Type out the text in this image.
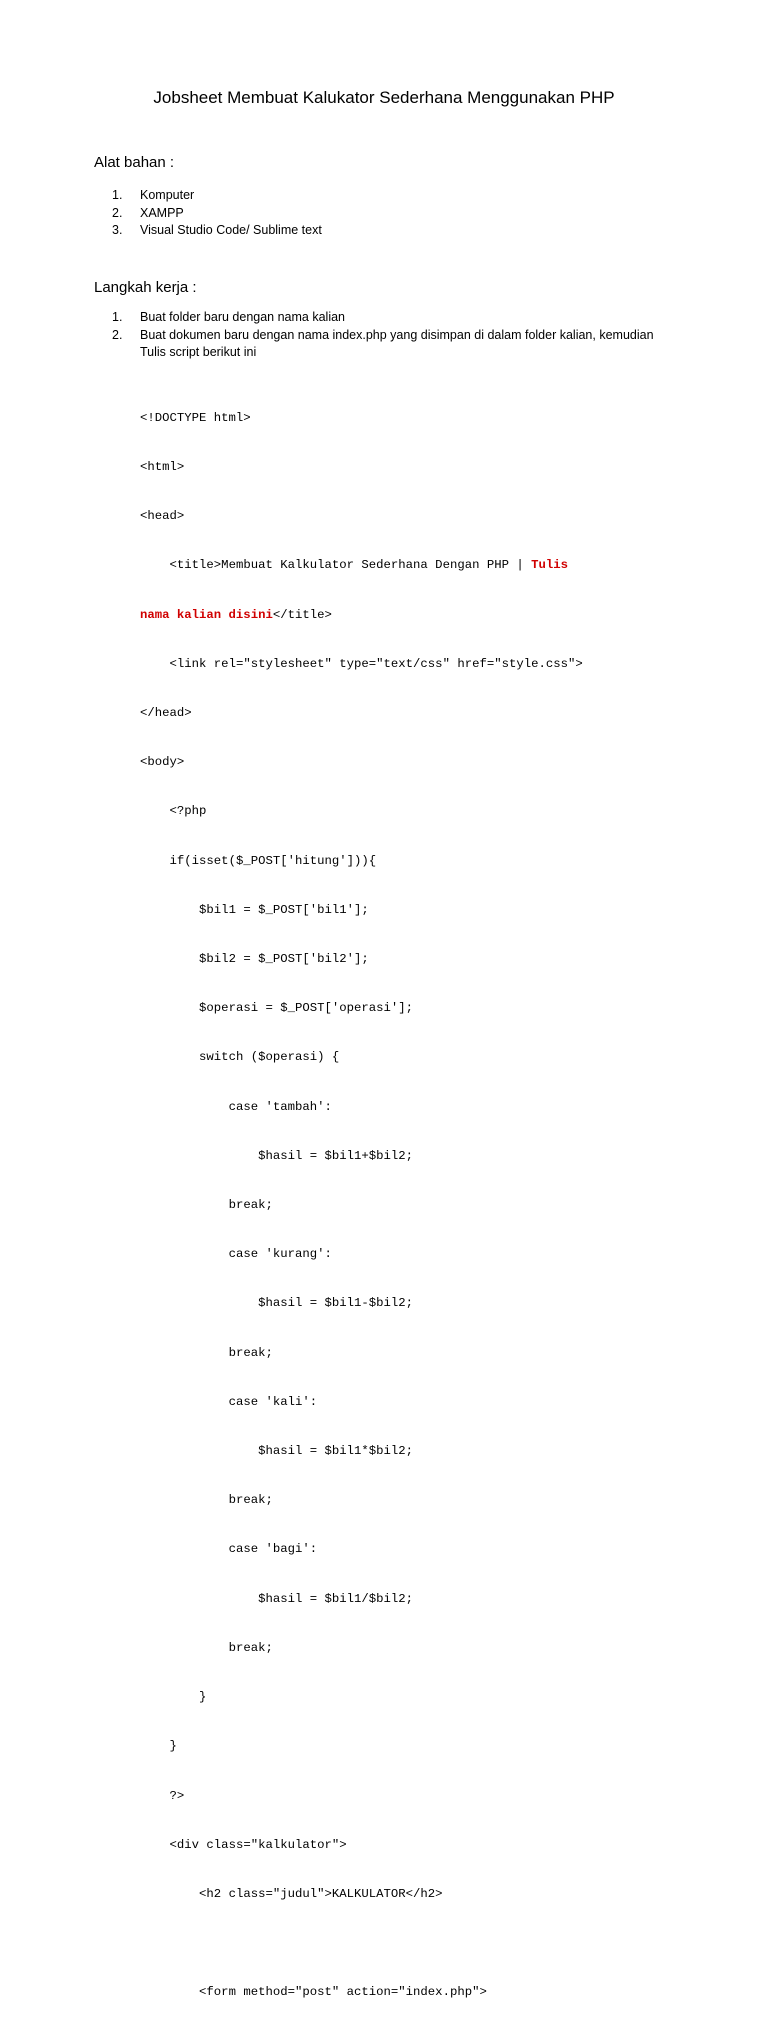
Jobsheet Membuat Kalukator Sederhana Menggunakan PHP
Alat bahan :
1. Komputer
2. XAMPP
3. Visual Studio Code/ Sublime text
Langkah kerja :
1. Buat folder baru dengan nama kalian
2. Buat dokumen baru dengan nama index.php yang disimpan di dalam folder kalian, kemudian
Tulis script berikut ini

<!DOCTYPE html>

<html>

<head>

	<title>Membuat Kalkulator Sederhana Dengan PHP | Tulis

nama kalian disini</title>

	<link rel="stylesheet" type="text/css" href="style.css">

</head>

<body>

	<?php

	if(isset($_POST['hitung'])){

		$bil1 = $_POST['bil1'];

		$bil2 = $_POST['bil2'];

		$operasi = $_POST['operasi'];

		switch ($operasi) {

			case 'tambah':

				$hasil = $bil1+$bil2;

			break;

			case 'kurang':

				$hasil = $bil1-$bil2;

			break;

			case 'kali':

				$hasil = $bil1*$bil2;

			break;

			case 'bagi':

				$hasil = $bil1/$bil2;

			break;

		}

	}

	?>

	<div class="kalkulator">

		<h2 class="judul">KALKULATOR</h2>

		<form method="post" action="index.php">
